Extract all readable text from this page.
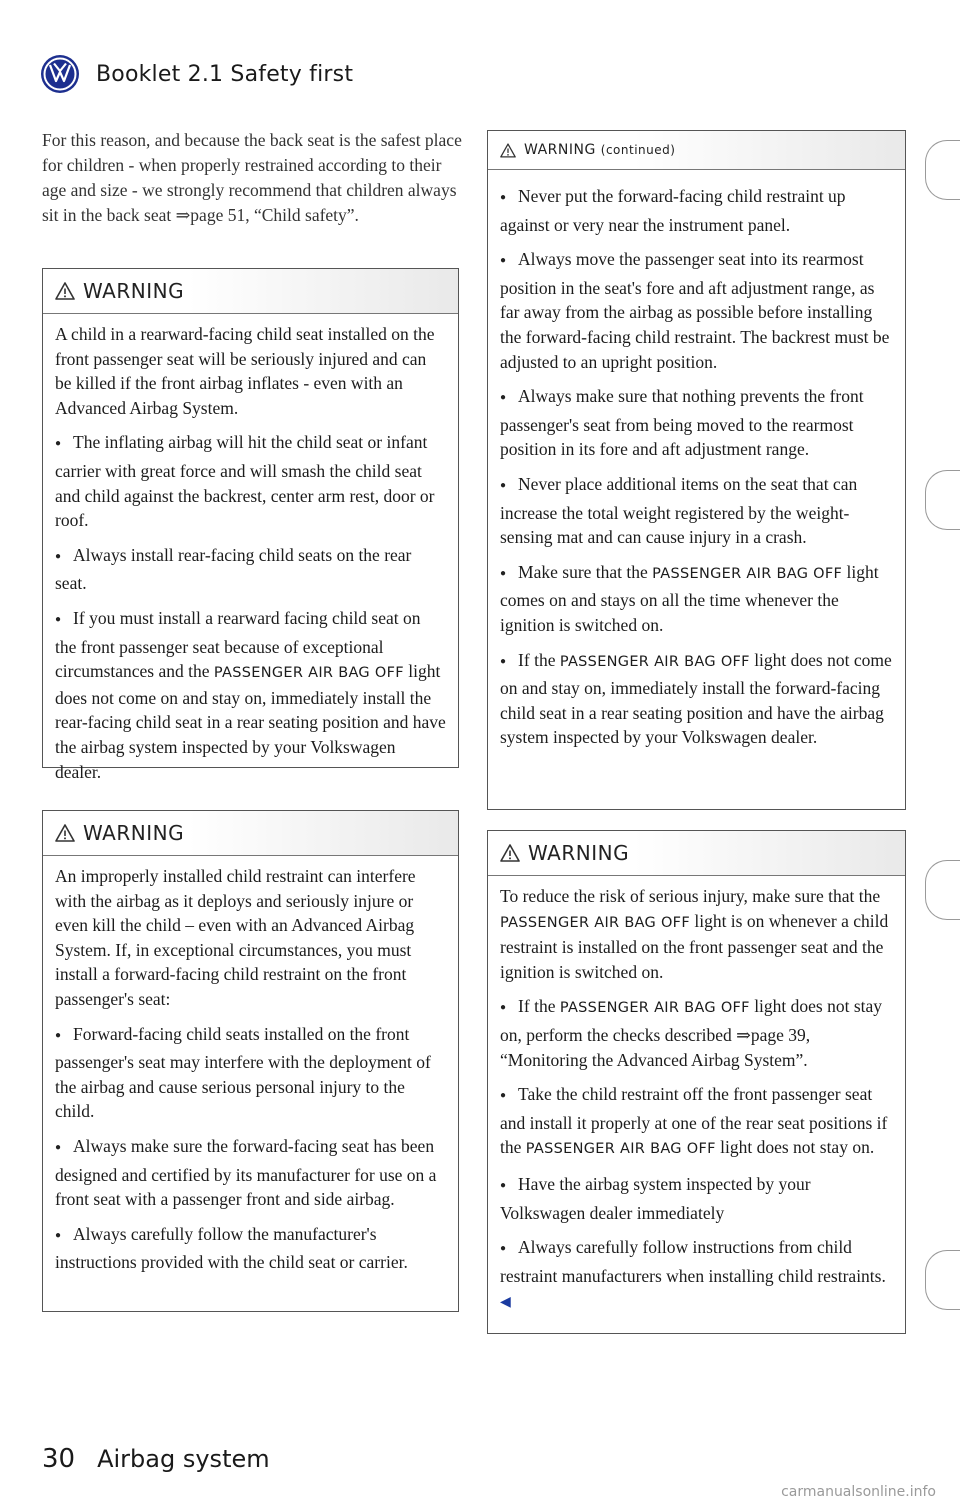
Booklet 2.1 Safety first
For this reason, and because the back seat is the safest place for children - when properly restrained according to their age and size - we strongly recommend that children always sit in the back seat ⇒page 51, “Child safety”.
WARNING

A child in a rearward-facing child seat installed on the front passenger seat will be seriously injured and can be killed if the front airbag inflates - even with an Advanced Airbag System.

● The inflating airbag will hit the child seat or infant carrier with great force and will smash the child seat and child against the backrest, center arm rest, door or roof.

● Always install rear-facing child seats on the rear seat.

● If you must install a rearward facing child seat on the front passenger seat because of exceptional circumstances and the PASSENGER AIR BAG OFF light does not come on and stay on, immediately install the rear-facing child seat in a rear seating position and have the airbag system inspected by your Volkswagen dealer.

WARNING

An improperly installed child restraint can interfere with the airbag as it deploys and seriously injure or even kill the child – even with an Advanced Airbag System. If, in exceptional circumstances, you must install a forward-facing child restraint on the front passenger's seat:

● Forward-facing child seats installed on the front passenger's seat may interfere with the deployment of the airbag and cause serious personal injury to the child.

● Always make sure the forward-facing seat has been designed and certified by its manufacturer for use on a front seat with a passenger front and side airbag.

● Always carefully follow the manufacturer's instructions provided with the child seat or carrier.

WARNING (continued)

● Never put the forward-facing child restraint up against or very near the instrument panel.

● Always move the passenger seat into its rearmost position in the seat's fore and aft adjustment range, as far away from the airbag as possible before installing the forward-facing child restraint. The backrest must be adjusted to an upright position.

● Always make sure that nothing prevents the front passenger's seat from being moved to the rearmost position in its fore and aft adjustment range.

● Never place additional items on the seat that can increase the total weight registered by the weight-sensing mat and can cause injury in a crash.

● Make sure that the PASSENGER AIR BAG OFF light comes on and stays on all the time whenever the ignition is switched on.

● If the PASSENGER AIR BAG OFF light does not come on and stay on, immediately install the forward-facing child seat in a rear seating position and have the airbag system inspected by your Volkswagen dealer.

WARNING

To reduce the risk of serious injury, make sure that the PASSENGER AIR BAG OFF light is on whenever a child restraint is installed on the front passenger seat and the ignition is switched on.

● If the PASSENGER AIR BAG OFF light does not stay on, perform the checks described ⇒page 39, “Monitoring the Advanced Airbag System”.

● Take the child restraint off the front passenger seat and install it properly at one of the rear seat positions if the PASSENGER AIR BAG OFF light does not stay on.

● Have the airbag system inspected by your Volkswagen dealer immediately

● Always carefully follow instructions from child restraint manufacturers when installing child restraints. ◀

30 Airbag system
carmanualsonline.info
